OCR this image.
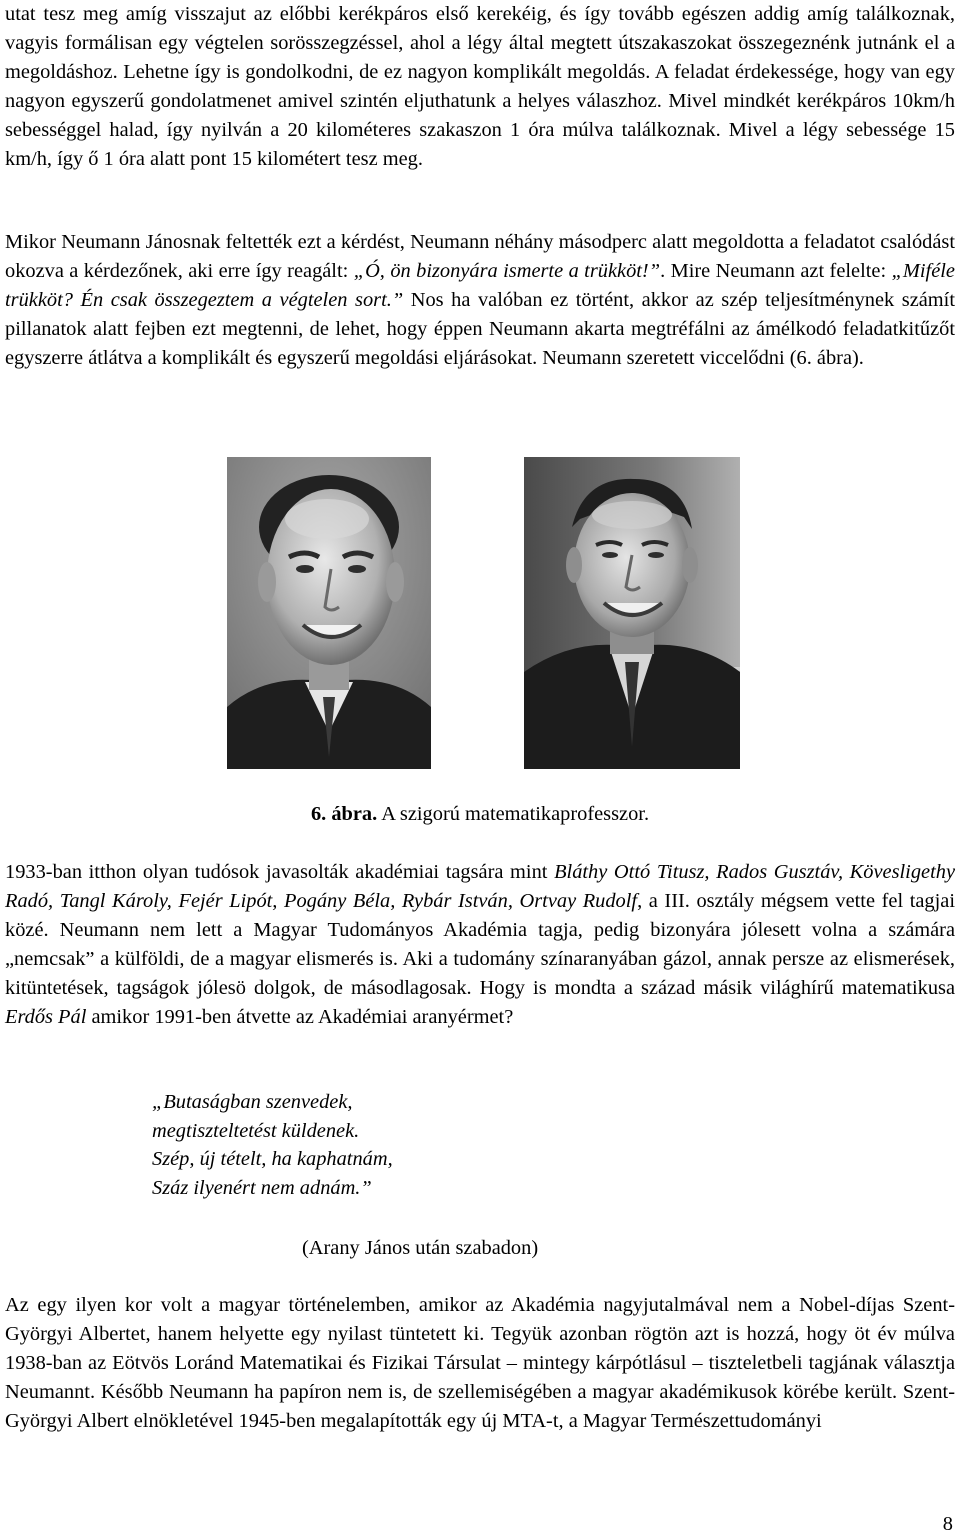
utat tesz meg amíg visszajut az előbbi kerékpáros első kerekéig, és így tovább egészen addig amíg találkoznak, vagyis formálisan egy végtelen sorösszegzéssel, ahol a légy által megtett útszakaszokat összegeznénk jutnánk el a megoldáshoz. Lehetne így is gondolkodni, de ez nagyon komplikált megoldás. A feladat érdekessége, hogy van egy nagyon egyszerű gondolatmenet amivel szintén eljuthatunk a helyes válaszhoz. Mivel mindkét kerékpáros 10km/h sebességgel halad, így nyilván a 20 kilométeres szakaszon 1 óra múlva találkoznak. Mivel a légy sebessége 15 km/h, így ő 1 óra alatt pont 15 kilométert tesz meg.

Mikor Neumann Jánosnak feltették ezt a kérdést, Neumann néhány másodperc alatt megoldotta a feladatot csalódást okozva a kérdezőnek, aki erre így reagált: „Ó, ön bizonyára ismerte a trükköt!”. Mire Neumann azt felelte: „Miféle trükköt? Én csak összegeztem a végtelen sort.” Nos ha valóban ez történt, akkor az szép teljesítménynek számít pillanatok alatt fejben ezt megtenni, de lehet, hogy éppen Neumann akarta megtréfálni az ámélkodó feladatkitűzőt egyszerre átlátva a komplikált és egyszerű megoldási eljárásokat. Neumann szeretett viccelődni (6. ábra).

6. ábra. A szigorú matematikaprofesszor.

1933-ban itthon olyan tudósok javasolták akadémiai tagsára mint Bláthy Ottó Titusz, Rados Gusztáv, Kövesligethy Radó, Tangl Károly, Fejér Lipót, Pogány Béla, Rybár István, Ortvay Rudolf, a III. osztály mégsem vette fel tagjai közé. Neumann nem lett a Magyar Tudományos Akadémia tagja, pedig bizonyára jólesett volna a számára „nemcsak” a külföldi, de a magyar elismerés is. Aki a tudomány színaranyában gázol, annak persze az elismerések, kitüntetések, tagságok jólesö dolgok, de másodlagosak. Hogy is mondta a század másik világhírű matematikusa Erdős Pál amikor 1991-ben átvette az Akadémiai aranyérmet?

„Butaságban szenvedek,
megtiszteltetést küldenek.
Szép, új tételt, ha kaphatnám,
Száz ilyenért nem adnám.”
(Arany János után szabadon)

Az egy ilyen kor volt a magyar történelemben, amikor az Akadémia nagyjutalmával nem a Nobel-díjas Szent-Györgyi Albertet, hanem helyette egy nyilast tüntetett ki. Tegyük azonban rögtön azt is hozzá, hogy öt év múlva 1938-ban az Eötvös Loránd Matematikai és Fizikai Társulat – mintegy kárpótlásul – tiszteletbeli tagjának választja Neumannt. Később Neumann ha papíron nem is, de szellemiségében a magyar akadémikusok körébe került. Szent-Györgyi Albert elnökletével 1945-ben megalapították egy új MTA-t, a Magyar Természettudományi

8
